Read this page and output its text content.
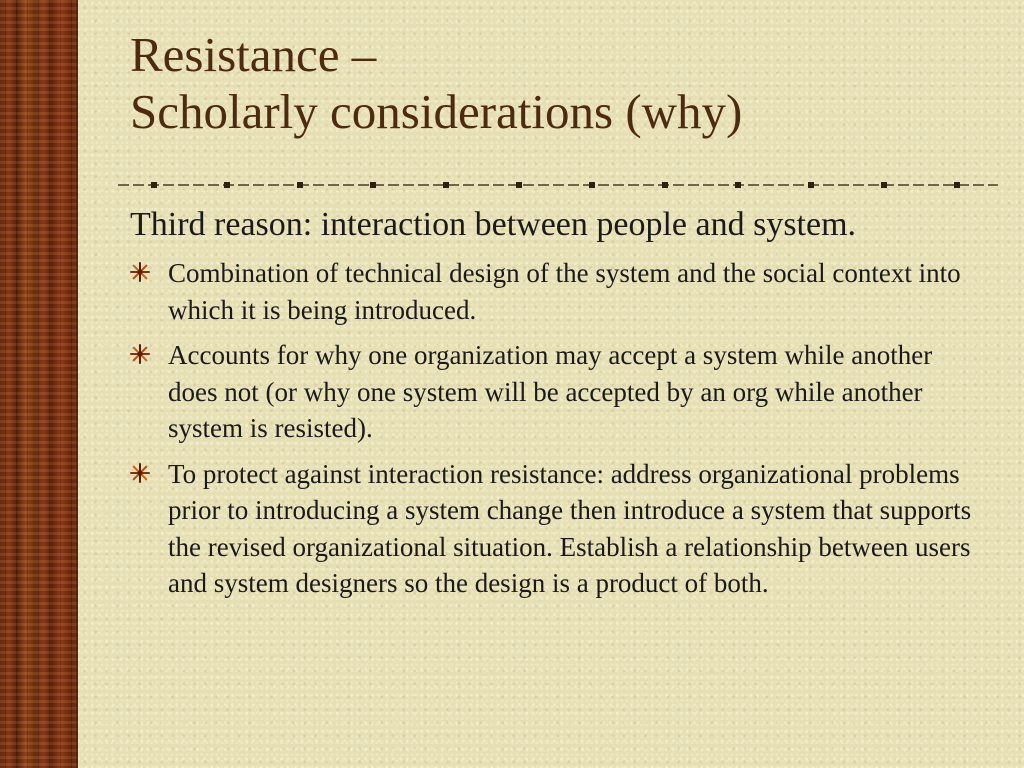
Resistance –
Scholarly considerations (why)

Third reason: interaction between people and system.

Combination of technical design of the system and the social context into which it is being introduced.
Accounts for why one organization may accept a system while another does not (or why one system will be accepted by an org while another system is resisted).
To protect against interaction resistance: address organizational problems prior to introducing a system change then introduce a system that supports the revised organizational situation. Establish a relationship between users and system designers so the design is a product of both.
